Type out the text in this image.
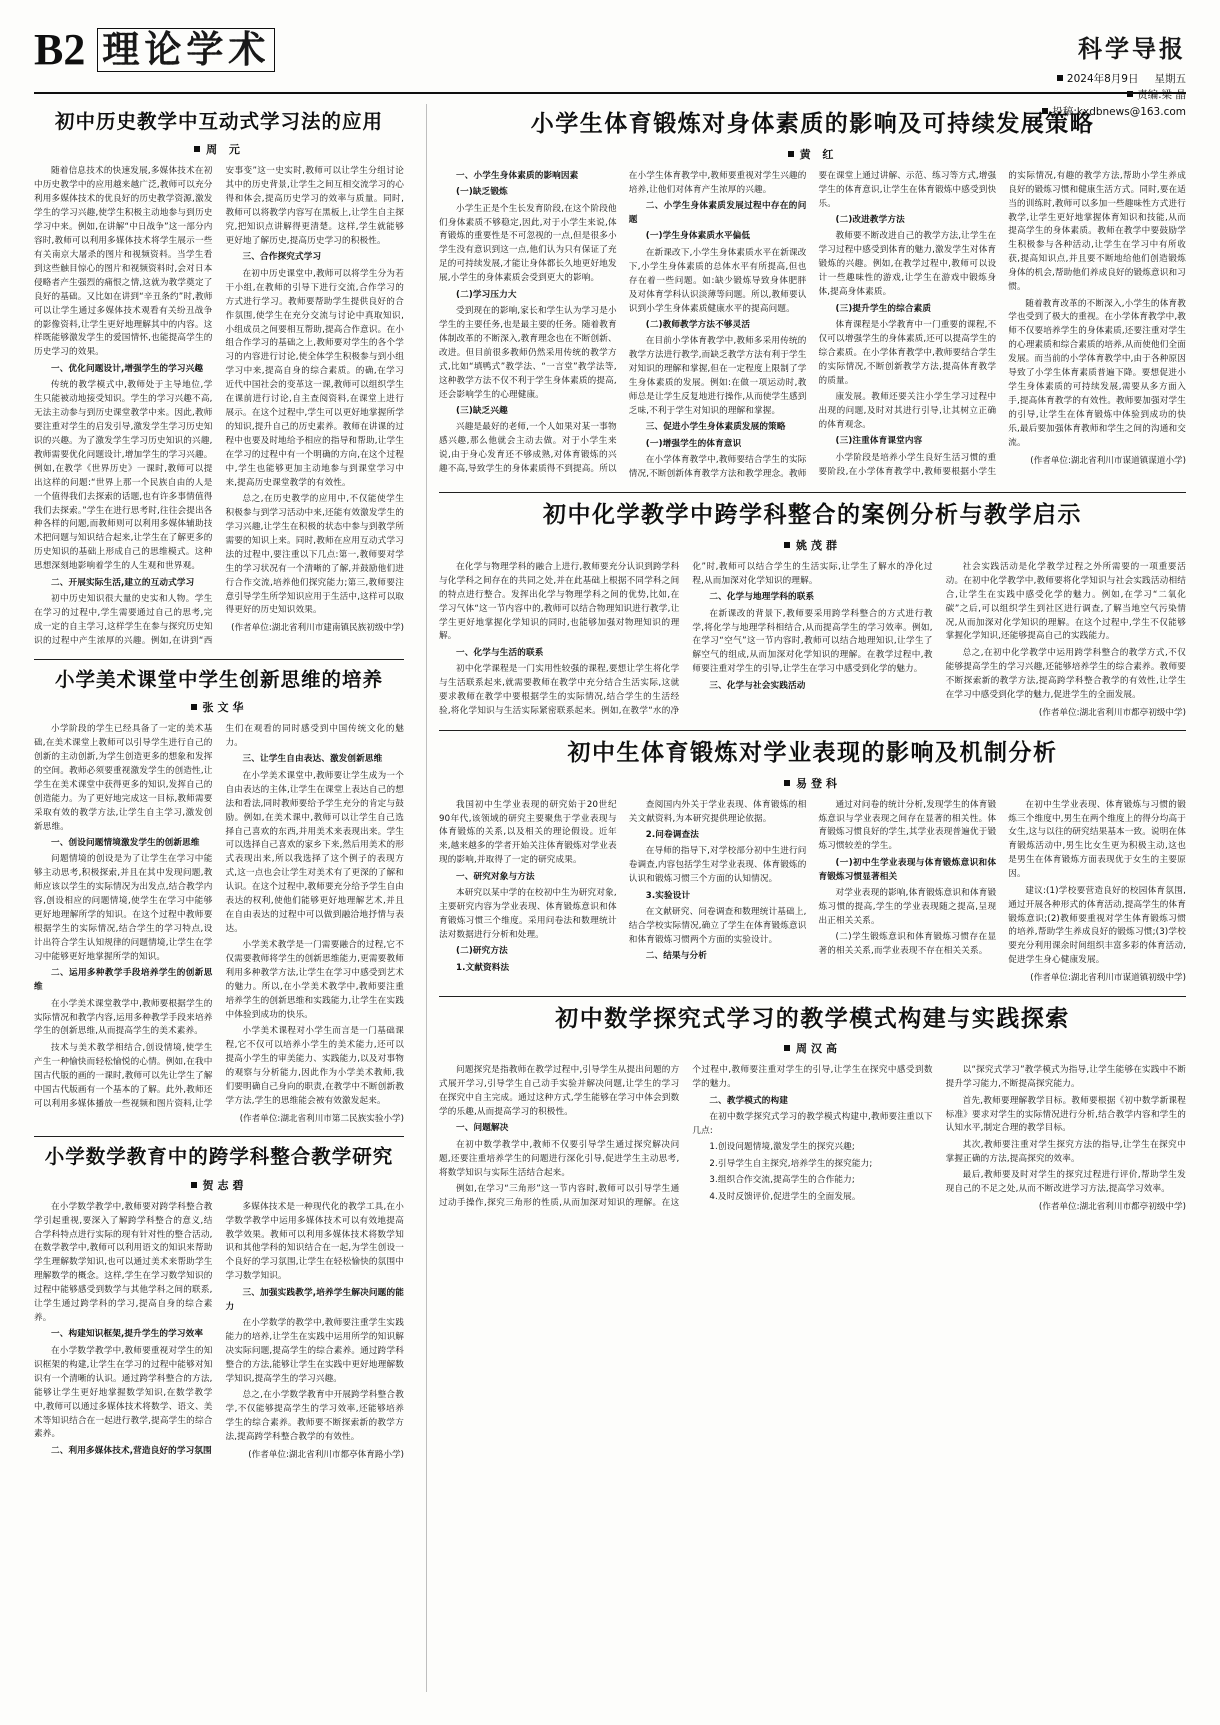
B2 理论学术	科学导报
2024年8月9日 星期五
责编:梁 晶
投稿:kxdbnews@163.com
初中历史教学中互动式学习法的应用
周 元

随着信息技术的快速发展,多媒体技术在初中历史教学中的应用越来越广泛,教师可以充分利用多媒体技术的优良好的历史教学资源,激发学生的学习兴趣,使学生积极主动地参与到历史学习中来。例如,在讲解“中日战争”这一部分内容时,教师可以利用多媒体技术将学生展示一些有关南京大屠杀的图片和视频资料。当学生看到这些触目惊心的图片和视频资料时,会对日本侵略者产生强烈的痛恨之情,这就为教学奠定了良好的基础。又比如在讲到“辛丑条约”时,教师可以让学生通过多媒体技术观看有关纷丑战争的影像资料,让学生更好地理解其中的内容。这样既能够激发学生的爱国情怀,也能提高学生的历史学习的效果。

一、优化问题设计,增强学生的学习兴趣

传统的教学模式中,教师处于主导地位,学生只能被动地接受知识。学生的学习兴趣不高,无法主动参与到历史课堂教学中来。因此,教师要注重对学生的启发引导,激发学生学习历史知识的兴趣。为了激发学生学习历史知识的兴趣,教师需要优化问题设计,增加学生的学习兴趣。例如,在教学《世界历史》一课时,教师可以提出这样的问题:“世界上那一个民族自由的人是一个值得我们去探索的话题,也有许多事情值得我们去探索。”学生在进行思考时,往往会提出各种各样的问题,而教师则可以利用多媒体辅助技术把问题与知识结合起来,让学生在了解更多的历史知识的基础上形成自己的思维模式。这种思想深刻地影响着学生的人生观和世界观。

二、开展实际生活,建立的互动式学习

初中历史知识很大量的史实和人物。学生在学习的过程中,学生需要通过自己的思考,完成一定的自主学习,这样学生在参与探究历史知识的过程中产生浓厚的兴趣。例如,在讲到“西安事变”这一史实时,教师可以让学生分组讨论其中的历史背景,让学生之间互相交流学习的心得和体会,提高历史学习的效率与质量。同时,教师可以将教学内容写在黑板上,让学生自主探究,把知识点讲解得更清楚。这样,学生就能够更好地了解历史,提高历史学习的积极性。

三、合作探究式学习

在初中历史课堂中,教师可以将学生分为若干小组,在教师的引导下进行交流,合作学习的方式进行学习。教师要帮助学生提供良好的合作氛围,使学生在充分交流与讨论中真取知识,小组成员之间要相互帮助,提高合作意识。在小组合作学习的基础之上,教师要对学生的各个学习的内容进行讨论,使全体学生积极参与到小组学习中来,提高自身的综合素质。的确,在学习近代中国社会的变革这一课,教师可以组织学生在课前进行讨论,自主查阅资料,在课堂上进行展示。在这个过程中,学生可以更好地掌握所学的知识,提升自己的历史素养。教师在讲课的过程中也要及时地给予相应的指导和帮助,让学生在学习的过程中有一个明确的方向,在这个过程中,学生也能够更加主动地参与到课堂学习中来,提高历史课堂教学的有效性。

总之,在历史教学的应用中,不仅能使学生积极参与到学习活动中来,还能有效激发学生的学习兴趣,让学生在积极的状态中参与到教学所需要的知识上来。同时,教师在应用互动式学习法的过程中,要注重以下几点:第一,教师要对学生的学习状况有一个清晰的了解,并鼓励他们进行合作交流,培养他们探究能力;第三,教师要注意引导学生所学知识应用于生活中,这样可以取得更好的历史知识效果。

(作者单位:湖北省利川市建南镇民族初级中学)

小学美术课堂中学生创新思维的培养
张文华

小学阶段的学生已经具备了一定的美术基础,在美术课堂上教师可以引导学生进行自己的创新的主动创新,为学生创造更多的想象和发挥的空间。教师必须要重视激发学生的创造性,让学生在美术课堂中获得更多的知识,发挥自己的创造能力。为了更好地完成这一目标,教师需要采取有效的教学方法,让学生自主学习,激发创新思维。

一、创设问题情境激发学生的创新思维

问题情境的创设是为了让学生在学习中能够主动思考,积极探索,并且在其中发现问题,教师应该以学生的实际情况为出发点,结合教学内容,创设相应的问题情境,使学生在学习中能够更好地理解所学的知识。在这个过程中教师要根据学生的实际情况,结合学生的学习特点,设计出符合学生认知规律的问题情境,让学生在学习中能够更好地掌握所学的知识。

二、运用多种教学手段培养学生的创新思维

在小学美术课堂教学中,教师要根据学生的实际情况和教学内容,运用多种教学手段来培养学生的创新思维,从而提高学生的美术素养。

技术与美术教学相结合,创设情境,使学生产生一种愉快而轻松愉悦的心情。例如,在我中国古代版的画的一课时,教师可以先让学生了解中国古代版画有一个基本的了解。此外,教师还可以利用多媒体播放一些视频和图片资料,让学生们在观看的同时感受到中国传统文化的魅力。

三、让学生自由表达、激发创新思维

在小学美术课堂中,教师要让学生成为一个自由表达的主体,让学生在课堂上表达自己的想法和看法,同时教师要给予学生充分的肯定与鼓励。例如,在美术课中,教师可以让学生自己选择自己喜欢的东西,并用美术来表现出来。学生可以选择自己喜欢的家乡下来,然后用美术的形式表现出来,所以我选择了这个例子的表现方式,这一点也会让学生对美术有了更深的了解和认识。在这个过程中,教师要充分给予学生自由表达的权利,使他们能够更好地理解艺术,并且在自由表达的过程中可以做到融洽地抒情与表达。

小学美术教学是一门需要融合的过程,它不仅需要教师将学生的创新思维能力,更需要教师利用多种教学方法,让学生在学习中感受到艺术的魅力。所以,在小学美术教学中,教师要注重培养学生的创新思维和实践能力,让学生在实践中体验到成功的快乐。

小学美术课程对小学生而言是一门基础课程,它不仅可以培养小学生的美术能力,还可以提高小学生的审美能力、实践能力,以及对事物的观察与分析能力,因此作为小学美术教师,我们要明确自己身向的职责,在教学中不断创新教学方法,学生的思维能会被有效激发起来。

(作者单位:湖北省利川市第二民族实验小学)

小学数学教育中的跨学科整合教学研究
贺志碧

在小学数学教学中,教师要对跨学科整合教学引起重视,要深入了解跨学科整合的意义,结合学科特点进行实际的现有针对性的整合活动,在数学教学中,教师可以利用语文的知识来帮助学生理解数学知识,也可以通过美术来帮助学生理解数学的概念。这样,学生在学习数学知识的过程中能够感受到数学与其他学科之间的联系,让学生通过跨学科的学习,提高自身的综合素养。

一、构建知识框架,提升学生的学习效率

在小学数学教学中,教师要重视对学生的知识框架的构建,让学生在学习的过程中能够对知识有一个清晰的认识。通过跨学科整合的方法,能够让学生更好地掌握数学知识,在数学教学中,教师可以通过多媒体技术将数学、语文、美术等知识结合在一起进行教学,提高学生的综合素养。

二、利用多媒体技术,营造良好的学习氛围

多媒体技术是一种现代化的教学工具,在小学数学教学中运用多媒体技术可以有效地提高教学效果。教师可以利用多媒体技术将数学知识和其他学科的知识结合在一起,为学生创设一个良好的学习氛围,让学生在轻松愉快的氛围中学习数学知识。

三、加强实践教学,培养学生解决问题的能力

在小学数学的教学中,教师要注重学生实践能力的培养,让学生在实践中运用所学的知识解决实际问题,提高学生的综合素养。通过跨学科整合的方法,能够让学生在实践中更好地理解数学知识,提高学生的学习兴趣。

总之,在小学数学教育中开展跨学科整合教学,不仅能够提高学生的学习效率,还能够培养学生的综合素养。教师要不断探索新的教学方法,提高跨学科整合教学的有效性。

(作者单位:湖北省利川市都亭体育路小学)

小学生体育锻炼对身体素质的影响及可持续发展策略
黄 红

一、小学生身体素质的影响因素

(一)缺乏锻炼

小学生正是个生长发育阶段,在这个阶段他们身体素质不够稳定,因此,对于小学生来说,体育锻炼的重要性是不可忽视的一点,但是很多小学生没有意识到这一点,他们认为只有保证了充足的可持续发展,才能让身体都长久地更好地发展,小学生的身体素质会受到更大的影响。

(二)学习压力大

受到现在的影响,家长和学生认为学习是小学生的主要任务,也是最主要的任务。随着教育体制改革的不断深入,教育理念也在不断创新、改进。但目前很多教师仍然采用传统的教学方式,比如“填鸭式”教学法、“一言堂”教学法等,这种教学方法不仅不利于学生身体素质的提高,还会影响学生的心理健康。

(三)缺乏兴趣

兴趣是最好的老师,一个人如果对某一事物感兴趣,那么他就会主动去做。对于小学生来说,由于身心发育还不够成熟,对体育锻炼的兴趣不高,导致学生的身体素质得不到提高。所以在小学生体育教学中,教师要重视对学生兴趣的培养,让他们对体育产生浓厚的兴趣。

二、小学生身体素质发展过程中存在的问题

(一)学生身体素质水平偏低

在新课改下,小学生身体素质水平在新课改下,小学生身体素质的总体水平有所提高,但也存在着一些问题。如:缺少锻炼导致身体肥胖及对体育学科认识淡薄等问题。所以,教师要认识到小学生身体素质健康水平的提高问题。

(二)教师教学方法不够灵活

在目前小学体育教学中,教师多采用传统的教学方法进行教学,而缺乏教学方法有利于学生对知识的理解和掌握,但在一定程度上限制了学生身体素质的发展。例如:在做一项运动时,教师总是让学生反复地进行操作,从而使学生感到乏味,不利于学生对知识的理解和掌握。

三、促进小学生身体素质发展的策略

(一)增强学生的体育意识

在小学体育教学中,教师要结合学生的实际情况,不断创新体育教学方法和教学理念。教师要在课堂上通过讲解、示范、练习等方式,增强学生的体育意识,让学生在体育锻炼中感受到快乐。

(二)改进教学方法

教师要不断改进自己的教学方法,让学生在学习过程中感受到体育的魅力,激发学生对体育锻炼的兴趣。例如,在教学过程中,教师可以设计一些趣味性的游戏,让学生在游戏中锻炼身体,提高身体素质。

(三)提升学生的综合素质

体育课程是小学教育中一门重要的课程,不仅可以增强学生的身体素质,还可以提高学生的综合素质。在小学体育教学中,教师要结合学生的实际情况,不断创新教学方法,提高体育教学的质量。

康发展。教师还要关注小学生学习过程中出现的问题,及时对其进行引导,让其树立正确的体育观念。

(三)注重体育课堂内容

小学阶段是培养小学生良好生活习惯的重要阶段,在小学体育教学中,教师要根据小学生的实际情况,有趣的教学方法,帮助小学生养成良好的锻炼习惯和健康生活方式。同时,要在适当的训练时,教师可以多加一些趣味性方式进行教学,让学生更好地掌握体育知识和技能,从而提高学生的身体素质。教师在教学中要鼓励学生积极参与各种活动,让学生在学习中有所收获,提高知识点,并且要不断地给他们创造锻炼身体的机会,帮助他们养成良好的锻炼意识和习惯。

随着教育改革的不断深入,小学生的体育教学也受到了极大的重视。在小学体育教学中,教师不仅要培养学生的身体素质,还要注重对学生的心理素质和综合素质的培养,从而使他们全面发展。而当前的小学体育教学中,由于各种原因导致了小学生体育素质普遍下降。要想促进小学生身体素质的可持续发展,需要从多方面入手,提高体育教学的有效性。教师要加强对学生的引导,让学生在体育锻炼中体验到成功的快乐,最后要加强体育教师和学生之间的沟通和交流。

(作者单位:湖北省利川市谋道镇谋道小学)

初中化学教学中跨学科整合的案例分析与教学启示
姚茂群

在化学与物理学科的融合上进行,教师要充分认识到跨学科与化学科之间存在的共同之处,并在此基础上根据不同学科之间的特点进行整合。发挥出化学与物理学科之间的优势,比如,在学习气体“这一节内容中的,教师可以结合物理知识进行教学,让学生更好地掌握化学知识的同时,也能够加强对物理知识的理解。

一、化学与生活的联系

初中化学课程是一门实用性较强的课程,要想让学生将化学与生活联系起来,就需要教师在教学中充分结合生活实际,这就要求教师在教学中要根据学生的实际情况,结合学生的生活经验,将化学知识与生活实际紧密联系起来。例如,在教学“水的净化”时,教师可以结合学生的生活实际,让学生了解水的净化过程,从而加深对化学知识的理解。

二、化学与地理学科的联系

在新课改的背景下,教师要采用跨学科整合的方式进行教学,将化学与地理学科相结合,从而提高学生的学习效率。例如,在学习“空气”这一节内容时,教师可以结合地理知识,让学生了解空气的组成,从而加深对化学知识的理解。在教学过程中,教师要注重对学生的引导,让学生在学习中感受到化学的魅力。

三、化学与社会实践活动

社会实践活动是化学教学过程之外所需要的一项重要活动。在初中化学教学中,教师要将化学知识与社会实践活动相结合,让学生在实践中感受化学的魅力。例如,在学习“二氧化碳”之后,可以组织学生到社区进行调查,了解当地空气污染情况,从而加深对化学知识的理解。在这个过程中,学生不仅能够掌握化学知识,还能够提高自己的实践能力。

总之,在初中化学教学中运用跨学科整合的教学方式,不仅能够提高学生的学习兴趣,还能够培养学生的综合素养。教师要不断探索新的教学方法,提高跨学科整合教学的有效性,让学生在学习中感受到化学的魅力,促进学生的全面发展。

(作者单位:湖北省利川市都亭初级中学)

初中生体育锻炼对学业表现的影响及机制分析
易登科

我国初中生学业表现的研究始于20世纪90年代,该领域的研究主要聚焦于学业表现与体育锻炼的关系,以及相关的理论假设。近年来,越来越多的学者开始关注体育锻炼对学业表现的影响,并取得了一定的研究成果。

一、研究对象与方法

本研究以某中学的在校初中生为研究对象,主要研究内容为学业表现、体育锻炼意识和体育锻炼习惯三个维度。采用问卷法和数理统计法对数据进行分析和处理。

(二)研究方法

1.文献资料法

查阅国内外关于学业表现、体育锻炼的相关文献资料,为本研究提供理论依据。

2.问卷调查法

在导师的指导下,对学校部分初中生进行问卷调查,内容包括学生对学业表现、体育锻炼的认识和锻炼习惯三个方面的认知情况。

3.实验设计

在文献研究、问卷调查和数理统计基础上,结合学校实际情况,确立了学生在体育锻炼意识和体育锻炼习惯两个方面的实验设计。

二、结果与分析

通过对问卷的统计分析,发现学生的体育锻炼意识与学业表现之间存在显著的相关性。体育锻炼习惯良好的学生,其学业表现普遍优于锻炼习惯较差的学生。

(一)初中生学业表现与体育锻炼意识和体育锻炼习惯显著相关

对学业表现的影响,体育锻炼意识和体育锻炼习惯的提高,学生的学业表现随之提高,呈现出正相关关系。

(二)学生锻炼意识和体育锻炼习惯存在显著的相关关系,而学业表现不存在相关关系。

在初中生学业表现、体育锻炼与习惯的锻炼三个维度中,男生在两个维度上的得分均高于女生,这与以往的研究结果基本一致。说明在体育锻炼活动中,男生比女生更为积极主动,这也是男生在体育锻炼方面表现优于女生的主要原因。

建议:(1)学校要营造良好的校园体育氛围,通过开展各种形式的体育活动,提高学生的体育锻炼意识;(2)教师要重视对学生体育锻炼习惯的培养,帮助学生养成良好的锻炼习惯;(3)学校要充分利用课余时间组织丰富多彩的体育活动,促进学生身心健康发展。

(作者单位:湖北省利川市谋道镇初级中学)

初中数学探究式学习的教学模式构建与实践探索
周汉高

问题探究是指教师在教学过程中,引导学生从提出问题的方式展开学习,引导学生自己动手实验并解决问题,让学生的学习在探究中自主完成。通过这种方式,学生能够在学习中体会到数学的乐趣,从而提高学习的积极性。

一、问题解决

在初中数学教学中,教师不仅要引导学生通过探究解决问题,还要注重培养学生的问题进行深化引导,促进学生主动思考,将数学知识与实际生活结合起来。

例如,在学习“三角形”这一节内容时,教师可以引导学生通过动手操作,探究三角形的性质,从而加深对知识的理解。在这个过程中,教师要注重对学生的引导,让学生在探究中感受到数学的魅力。

二、教学模式的构建

在初中数学探究式学习的教学模式构建中,教师要注重以下几点:

1.创设问题情境,激发学生的探究兴趣;

2.引导学生自主探究,培养学生的探究能力;

3.组织合作交流,提高学生的合作能力;

4.及时反馈评价,促进学生的全面发展。

以“探究式学习”教学模式为指导,让学生能够在实践中不断提升学习能力,不断提高探究能力。

首先,教师要理解教学目标。教师要根据《初中数学新课程标准》要求对学生的实际情况进行分析,结合教学内容和学生的认知水平,制定合理的教学目标。

其次,教师要注重对学生探究方法的指导,让学生在探究中掌握正确的方法,提高探究的效率。

最后,教师要及时对学生的探究过程进行评价,帮助学生发现自己的不足之处,从而不断改进学习方法,提高学习效率。

(作者单位:湖北省利川市都亭初级中学)
